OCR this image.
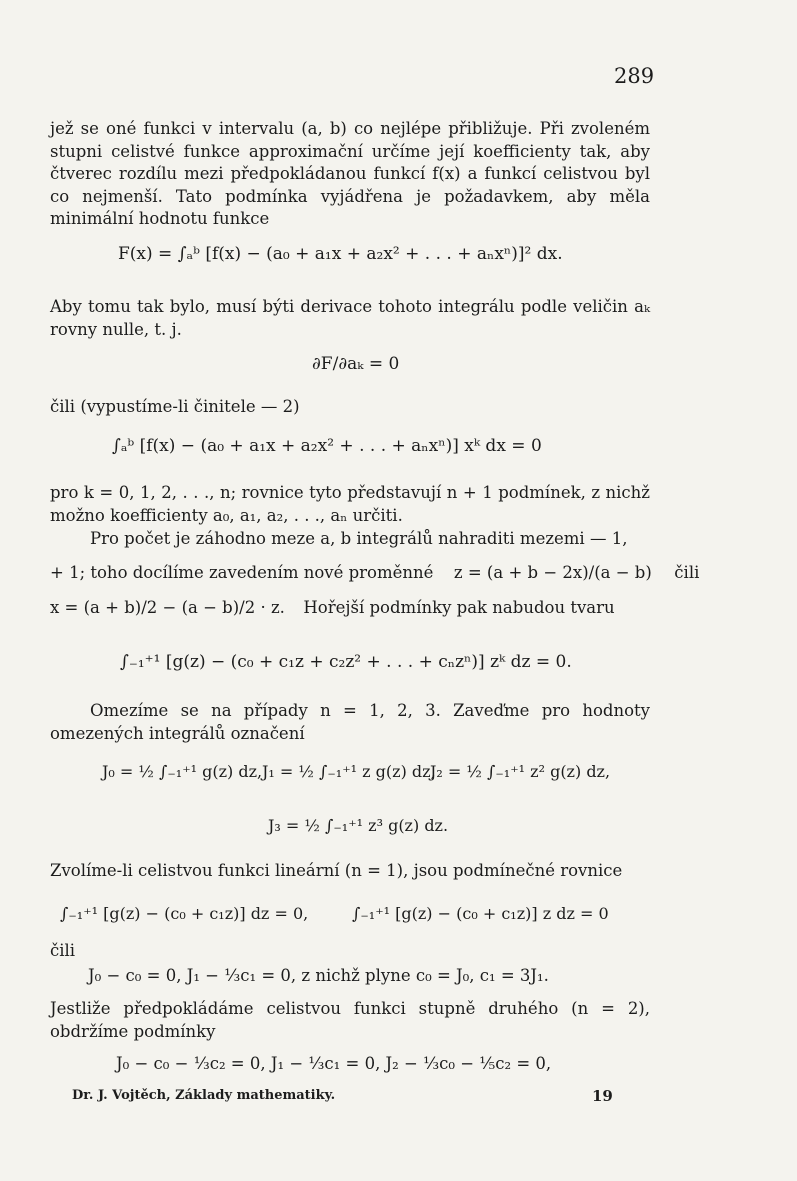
289
jež se oné funkci v intervalu (a, b) co nejlépe přibližuje. Při zvoleném stupni celistvé funkce approximační určíme její koefficienty tak, aby čtverec rozdílu mezi předpokládanou funkcí f(x) a funkcí celistvou byl co nejmenší. Tato podmínka vyjádřena je požadavkem, aby měla minimální hodnotu funkce
F(x) = ∫ₐᵇ [f(x) − (a₀ + a₁x + a₂x² + . . . + aₙxⁿ)]² dx.
Aby tomu tak bylo, musí býti derivace tohoto integrálu podle veličin aₖ rovny nulle, t. j.
∂F/∂aₖ = 0
čili (vypustíme-li činitele — 2)
∫ₐᵇ [f(x) − (a₀ + a₁x + a₂x² + . . . + aₙxⁿ)] xᵏ dx = 0
pro k = 0, 1, 2, . . ., n; rovnice tyto představují n + 1 podmínek, z nichž možno koefficienty a₀, a₁, a₂, . . ., aₙ určiti.
Pro počet je záhodno meze a, b integrálů nahraditi mezemi — 1,
+ 1; toho docílíme zavedením nové proměnné z = (a + b − 2x)/(a − b) čili
x = (a + b)/2 − (a − b)/2 · z. Hořejší podmínky pak nabudou tvaru
∫₋₁⁺¹ [g(z) − (c₀ + c₁z + c₂z² + . . . + cₙzⁿ)] zᵏ dz = 0.
Omezíme se na případy n = 1, 2, 3. Zaveďme pro hodnoty omezených integrálů označení
J₀ = ½ ∫₋₁⁺¹ g(z) dz, J₁ = ½ ∫₋₁⁺¹ z g(z) dz,
J₂ = ½ ∫₋₁⁺¹ z² g(z) dz,
J₃ = ½ ∫₋₁⁺¹ z³ g(z) dz.
Zvolíme-li celistvou funkci lineární (n = 1), jsou podmínečné rovnice
∫₋₁⁺¹ [g(z) − (c₀ + c₁z)] dz = 0,	∫₋₁⁺¹ [g(z) − (c₀ + c₁z)] z dz = 0
čili
J₀ − c₀ = 0, J₁ − ⅓c₁ = 0, z nichž plyne c₀ = J₀, c₁ = 3J₁.
Jestliže předpokládáme celistvou funkci stupně druhého (n = 2), obdržíme podmínky
J₀ − c₀ − ⅓c₂ = 0, J₁ − ⅓c₁ = 0, J₂ − ⅓c₀ − ⅕c₂ = 0,
Dr. J. Vojtěch, Základy mathematiky.	19
